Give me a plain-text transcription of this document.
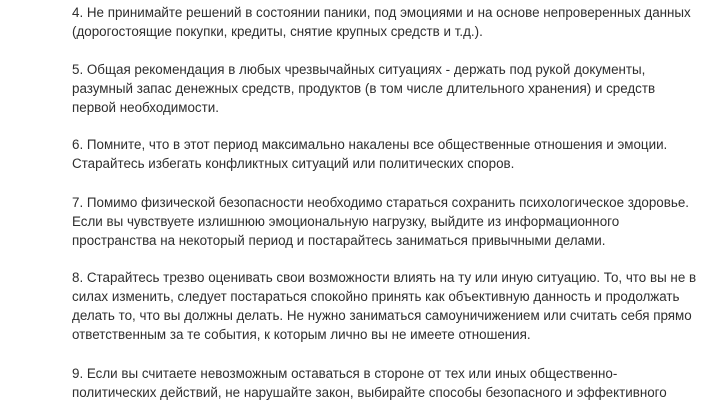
4. Не принимайте решений в состоянии паники, под эмоциями и на основе непроверенных данных
(дорогостоящие покупки, кредиты, снятие крупных средств и т.д.).

5. Общая рекомендация в любых чрезвычайных ситуациях - держать под рукой документы,
разумный запас денежных средств, продуктов (в том числе длительного хранения) и средств
первой необходимости.

6. Помните, что в этот период максимально накалены все общественные отношения и эмоции.
Старайтесь избегать конфликтных ситуаций или политических споров.

7. Помимо физической безопасности необходимо стараться сохранить психологическое здоровье.
Если вы чувствуете излишнюю эмоциональную нагрузку, выйдите из информационного
пространства на некоторый период и постарайтесь заниматься привычными делами.

8. Старайтесь трезво оценивать свои возможности влиять на ту или иную ситуацию. То, что вы не в
силах изменить, следует постараться спокойно принять как объективную данность и продолжать
делать то, что вы должны делать. Не нужно заниматься самоуничижением или считать себя прямо
ответственным за те события, к которым лично вы не имеете отношения.

9. Если вы считаете невозможным оставаться в стороне от тех или иных общественно-
политических действий, не нарушайте закон, выбирайте способы безопасного и эффективного
